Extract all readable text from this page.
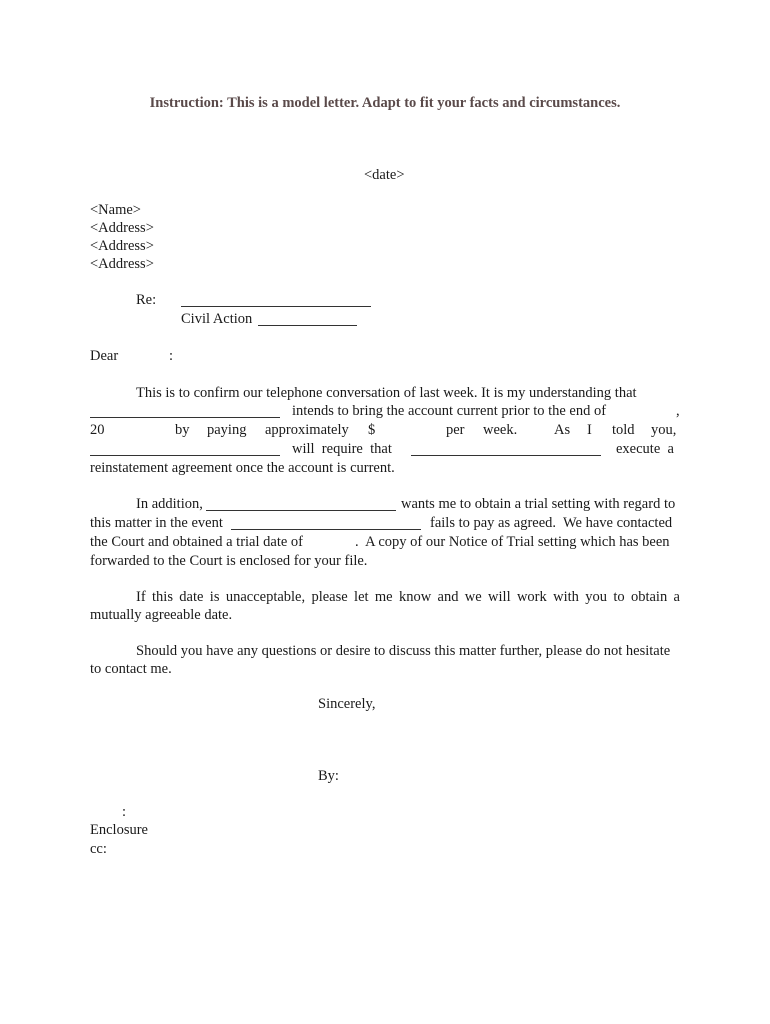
Instruction: This is a model letter. Adapt to fit your facts and circumstances.
<date>
<Name>
<Address>
<Address>
<Address>
Re:
Civil Action
Dear	:
This is to confirm our telephone conversation of last week. It is my understanding that
intends to bring the account current prior to the end of	,
20	by paying approximately $	per week.	As I told you,
will  require  that	execute  a
reinstatement agreement once the account is current.
In addition,	wants me to obtain a trial setting with regard to
this matter in the event	fails to pay as agreed.  We have contacted
the Court and obtained a trial date of	.  A copy of our Notice of Trial setting which has been
forwarded to the Court is enclosed for your file.
If this date is unacceptable, please let me know and we will work with you to obtain a
mutually agreeable date.
Should you have any questions or desire to discuss this matter further, please do not hesitate
to contact me.
Sincerely,
By:
:
Enclosure
cc:
